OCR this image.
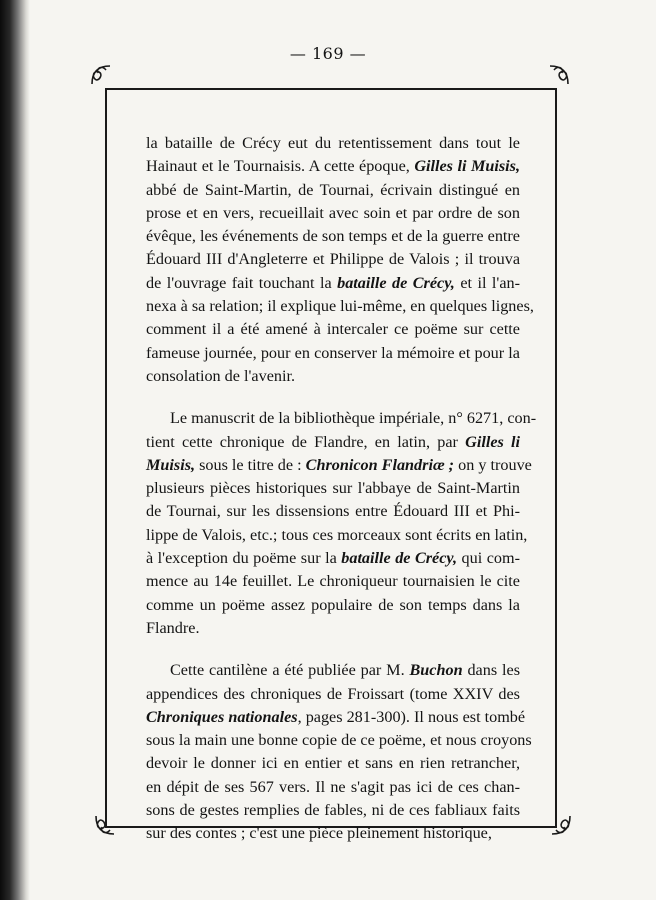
— 169 —
la bataille de Crécy eut du retentissement dans tout le
Hainaut et le Tournaisis. A cette époque, Gilles li Muisis,
abbé de Saint-Martin, de Tournai, écrivain distingué en
prose et en vers, recueillait avec soin et par ordre de son
évêque, les événements de son temps et de la guerre entre
Édouard III d'Angleterre et Philippe de Valois ; il trouva
de l'ouvrage fait touchant la bataille de Crécy, et il l'an-
nexa à sa relation; il explique lui-même, en quelques lignes,
comment il a été amené à intercaler ce poëme sur cette
fameuse journée, pour en conserver la mémoire et pour la
consolation de l'avenir.
Le manuscrit de la bibliothèque impériale, n° 6271, con-
tient cette chronique de Flandre, en latin, par Gilles li
Muisis, sous le titre de : Chronicon Flandriæ ; on y trouve
plusieurs pièces historiques sur l'abbaye de Saint-Martin
de Tournai, sur les dissensions entre Édouard III et Phi-
lippe de Valois, etc.; tous ces morceaux sont écrits en latin,
à l'exception du poëme sur la bataille de Crécy, qui com-
mence au 14e feuillet. Le chroniqueur tournaisien le cite
comme un poëme assez populaire de son temps dans la
Flandre.
Cette cantilène a été publiée par M. Buchon dans les
appendices des chroniques de Froissart (tome XXIV des
Chroniques nationales, pages 281-300). Il nous est tombé
sous la main une bonne copie de ce poëme, et nous croyons
devoir le donner ici en entier et sans en rien retrancher,
en dépit de ses 567 vers. Il ne s'agit pas ici de ces chan-
sons de gestes remplies de fables, ni de ces fabliaux faits
sur des contes ; c'est une pièce pleinement historique,
